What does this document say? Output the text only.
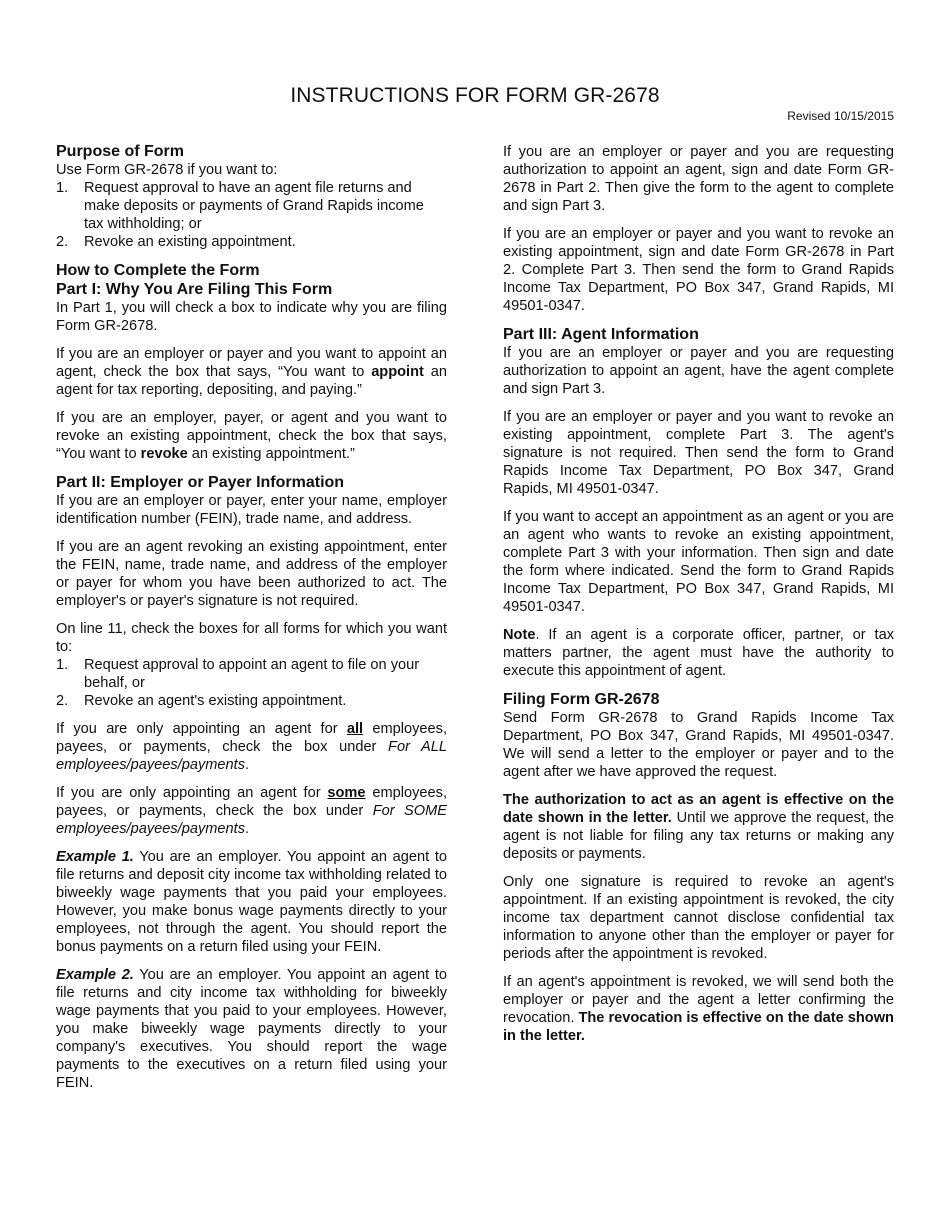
INSTRUCTIONS FOR FORM GR-2678
Revised 10/15/2015
Purpose of Form

Use Form GR-2678 if you want to:

1. Request approval to have an agent file returns and make deposits or payments of Grand Rapids income tax withholding; or
2. Revoke an existing appointment.
How to Complete the Form
Part I: Why You Are Filing This Form

In Part 1, you will check a box to indicate why you are filing Form GR-2678.

If you are an employer or payer and you want to appoint an agent, check the box that says, “You want to appoint an agent for tax reporting, depositing, and paying.”

If you are an employer, payer, or agent and you want to revoke an existing appointment, check the box that says, “You want to revoke an existing appointment.”

Part II: Employer or Payer Information

If you are an employer or payer, enter your name, employer identification number (FEIN), trade name, and address.

If you are an agent revoking an existing appointment, enter the FEIN, name, trade name, and address of the employer or payer for whom you have been authorized to act. The employer's or payer's signature is not required.

On line 11, check the boxes for all forms for which you want to:

1. Request approval to appoint an agent to file on your behalf, or
2. Revoke an agent's existing appointment.

If you are only appointing an agent for all employees, payees, or payments, check the box under For ALL employees/payees/payments.

If you are only appointing an agent for some employees, payees, or payments, check the box under For SOME employees/payees/payments.

Example 1. You are an employer. You appoint an agent to file returns and deposit city income tax withholding related to biweekly wage payments that you paid your employees. However, you make bonus wage payments directly to your employees, not through the agent. You should report the bonus payments on a return filed using your FEIN.

Example 2. You are an employer. You appoint an agent to file returns and city income tax withholding for biweekly wage payments that you paid to your employees. However, you make biweekly wage payments directly to your company's executives. You should report the wage payments to the executives on a return filed using your FEIN.

If you are an employer or payer and you are requesting authorization to appoint an agent, sign and date Form GR-2678 in Part 2. Then give the form to the agent to complete and sign Part 3.

If you are an employer or payer and you want to revoke an existing appointment, sign and date Form GR-2678 in Part 2. Complete Part 3. Then send the form to Grand Rapids Income Tax Department, PO Box 347, Grand Rapids, MI 49501-0347.

Part III: Agent Information

If you are an employer or payer and you are requesting authorization to appoint an agent, have the agent complete and sign Part 3.

If you are an employer or payer and you want to revoke an existing appointment, complete Part 3. The agent's signature is not required. Then send the form to Grand Rapids Income Tax Department, PO Box 347, Grand Rapids, MI 49501-0347.

If you want to accept an appointment as an agent or you are an agent who wants to revoke an existing appointment, complete Part 3 with your information. Then sign and date the form where indicated. Send the form to Grand Rapids Income Tax Department, PO Box 347, Grand Rapids, MI 49501-0347.

Note. If an agent is a corporate officer, partner, or tax matters partner, the agent must have the authority to execute this appointment of agent.

Filing Form GR-2678

Send Form GR-2678 to Grand Rapids Income Tax Department, PO Box 347, Grand Rapids, MI 49501-0347. We will send a letter to the employer or payer and to the agent after we have approved the request.

The authorization to act as an agent is effective on the date shown in the letter. Until we approve the request, the agent is not liable for filing any tax returns or making any deposits or payments.

Only one signature is required to revoke an agent's appointment. If an existing appointment is revoked, the city income tax department cannot disclose confidential tax information to anyone other than the employer or payer for periods after the appointment is revoked.

If an agent's appointment is revoked, we will send both the employer or payer and the agent a letter confirming the revocation. The revocation is effective on the date shown in the letter.
